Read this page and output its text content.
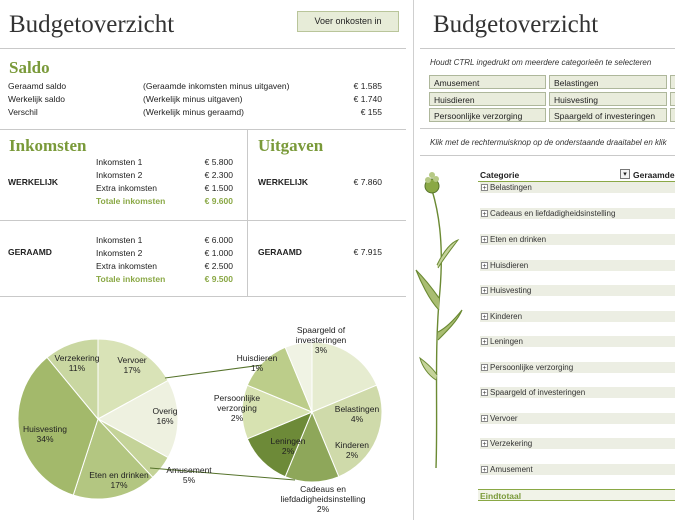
Budgetoverzicht	Voer onkosten in
Saldo
Geraamd saldo	(Geraamde inkomsten minus uitgaven)	€ 1.585
Werkelijk saldo	(Werkelijk minus uitgaven)	€ 1.740
Verschil	(Werkelijk minus geraamd)	€ 155
Inkomsten
WERKELIJK
Inkomsten 1	€ 5.800
Inkomsten 2	€ 2.300
Extra inkomsten	€ 1.500
Totale inkomsten	€ 9.600
GERAAMD
Inkomsten 1	€ 6.000
Inkomsten 2	€ 1.000
Extra inkomsten	€ 2.500
Totale inkomsten	€ 9.500
Uitgaven
WERKELIJK	€ 7.860
GERAAMD	€ 7.915
Vervoer
17%
Overig
16%
Amusement
5%
Eten en drinken
17%
Huisvesting
34%
Verzekering
11%
Spaargeld of
investeringen
3%
Belastingen
4%
Kinderen
2%
Cadeaus en
liefdadigheidsinstelling
2%
Leningen
2%
Persoonlijke
verzorging
2%
Huisdieren
1%
Budgetoverzicht
Houdt CTRL ingedrukt om meerdere categorieën te selecteren
Amusement	Belastingen
Huisdieren	Huisvesting
Persoonlijke verzorging	Spaargeld of investeringen
Klik met de rechtermuisknop op de onderstaande draaitabel en klik
Categorie	▾ Geraamde
+ Belastingen
+ Cadeaus en liefdadigheidsinstelling
+ Eten en drinken
+ Huisdieren
+ Huisvesting
+ Kinderen
+ Leningen
+ Persoonlijke verzorging
+ Spaargeld of investeringen
+ Vervoer
+ Verzekering
+ Amusement
Eindtotaal
